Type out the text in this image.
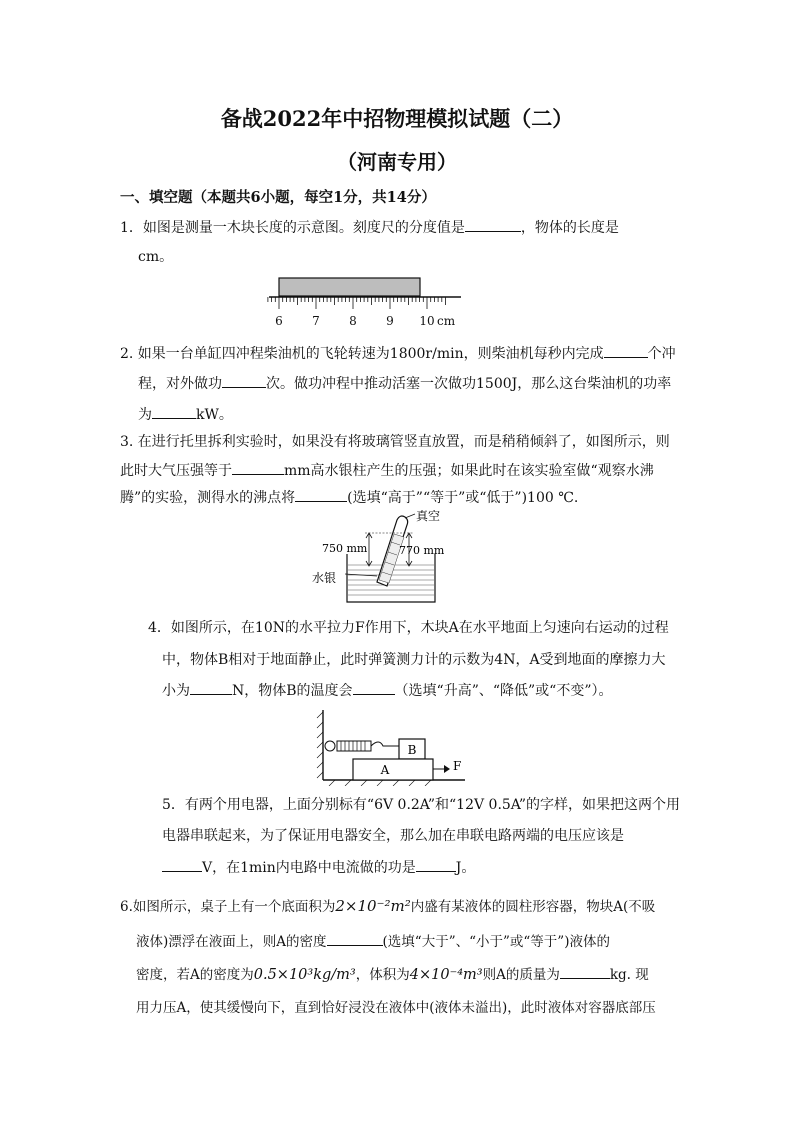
备战2022年中招物理模拟试题（二）
（河南专用）
一、填空题（本题共6小题，每空1分，共14分）
1．如图是测量一木块长度的示意图。刻度尺的分度值是	，物体的长度是
cm。
6 7 8 9 10 cm
2. 如果一台单缸四冲程柴油机的飞轮转速为1800r/min，则柴油机每秒内完成	个冲
程，对外做功	次。做功冲程中推动活塞一次做功1500J，那么这台柴油机的功率
为	kW。
3. 在进行托里拆利实验时，如果没有将玻璃管竖直放置，而是稍稍倾斜了，如图所示，则
此时大气压强等于	mm高水银柱产生的压强；如果此时在该实验室做“观察水沸
腾”的实验，测得水的沸点将	(选填“高于”“等于”或“低于”)100 ℃.
真空
750 mm	770 mm
水银
4．如图所示，在10N的水平拉力F作用下，木块A在水平地面上匀速向右运动的过程
中，物体B相对于地面静止，此时弹簧测力计的示数为4N，A受到地面的摩擦力大
小为	N，物体B的温度会	（选填“升高”、“降低”或“不变”）。
B
A	F
5．有两个用电器，上面分别标有“6V 0.2A”和“12V 0.5A”的字样，如果把这两个用
电器串联起来，为了保证用电器安全，那么加在串联电路两端的电压应该是
V，在1min内电路中电流做的功是	J。
6.如图所示，桌子上有一个底面积为2×10⁻²m²内盛有某液体的圆柱形容器，物块A(不吸
液体)漂浮在液面上，则A的密度	(选填“大于”、“小于”或“等于”)液体的
密度，若A的密度为0.5×10³kg/m³，体积为4×10⁻⁴m³则A的质量为	kg. 现
用力压A，使其缓慢向下，直到恰好浸没在液体中(液体未溢出)，此时液体对容器底部压
